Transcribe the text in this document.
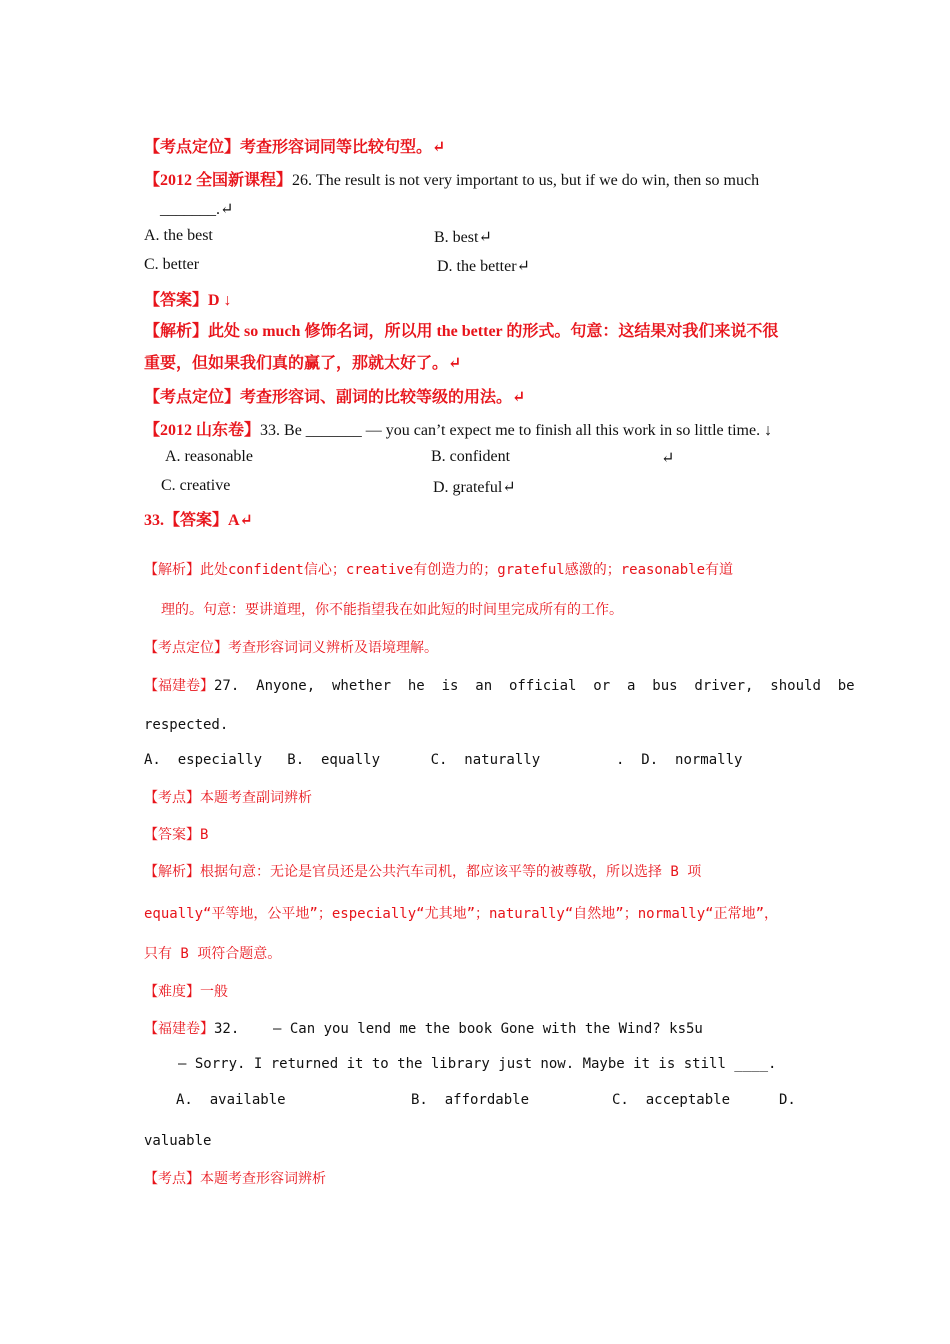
【考点定位】考查形容词同等比较句型。↵
【2012 全国新课程】26. The result is not very important to us, but if we do win, then so much
_______.↵
A. the best	B. best↵
C. better	D. the better↵
【答案】D ↓
【解析】此处 so much 修饰名词，所以用 the better 的形式。句意：这结果对我们来说不很
重要，但如果我们真的赢了，那就太好了。↵
【考点定位】考查形容词、副词的比较等级的用法。↵
【2012 山东卷】33. Be _______ — you can’t expect me to finish all this work in so little time. ↓
A. reasonable	B. confident	↵
C. creative	D. grateful↵
33.【答案】A↵
【解析】此处confident信心；creative有创造力的；grateful感激的；reasonable有道
理的。句意：要讲道理，你不能指望我在如此短的时间里完成所有的工作。
【考点定位】考查形容词词义辨析及语境理解。
【福建卷】27.  Anyone,  whether  he  is  an  official  or  a  bus  driver,  should  be
respected.
A.  especially   B.  equally      C.  naturally         .  D.  normally
【考点】本题考查副词辨析
【答案】B
【解析】根据句意：无论是官员还是公共汽车司机，都应该平等的被尊敬，所以选择 B 项
equally“平等地，公平地”；especially“尤其地”；naturally“自然地”；normally“正常地”，
只有 B 项符合题意。
【难度】一般
【福建卷】32.    — Can you lend me the book Gone with the Wind? ks5u
— Sorry. I returned it to the library just now. Maybe it is still ____.
A.  available	B.  affordable	C.  acceptable	D.
valuable
【考点】本题考查形容词辨析
